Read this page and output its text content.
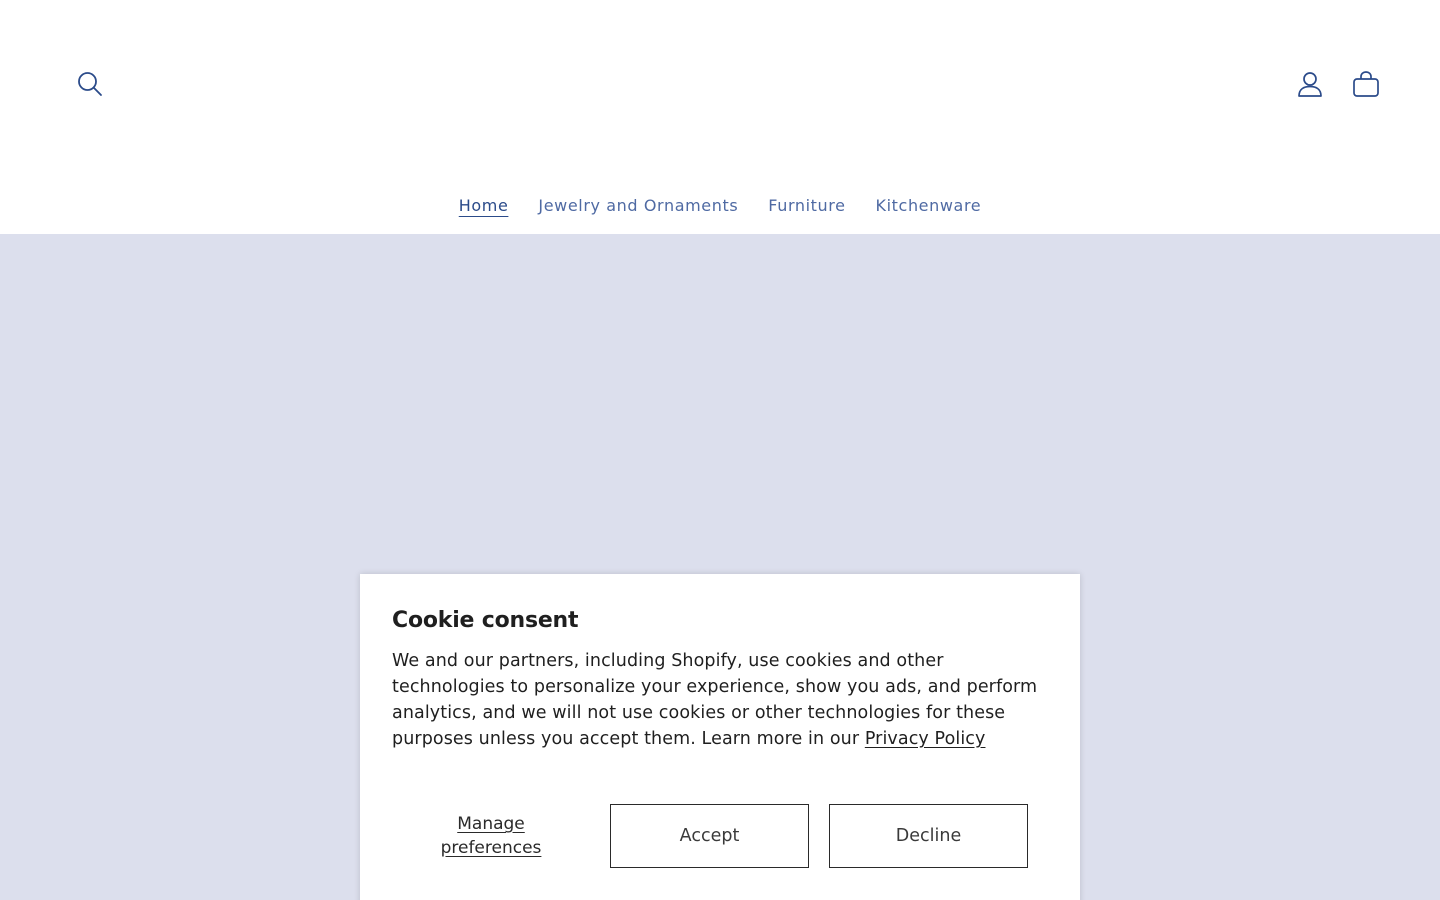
Home	Jewelry and Ornaments	Furniture	Kitchenware
Cookie consent

We and our partners, including Shopify, use cookies and other technologies to personalize your experience, show you ads, and perform analytics, and we will not use cookies or other technologies for these purposes unless you accept them. Learn more in our Privacy Policy

Manage preferences
Accept	Decline
